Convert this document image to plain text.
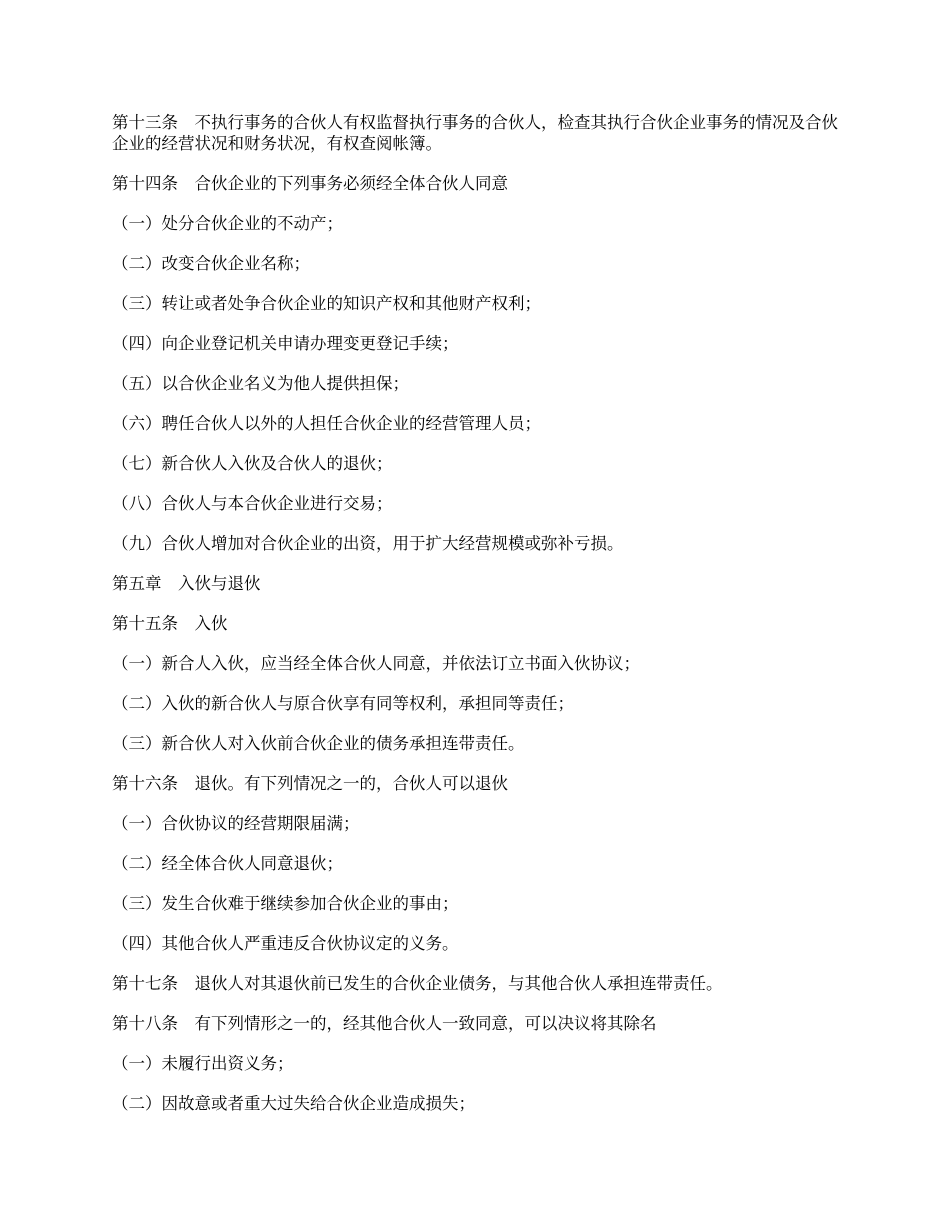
第十三条　不执行事务的合伙人有权监督执行事务的合伙人，检查其执行合伙企业事务的情况及合伙企业的经营状况和财务状况，有权查阅帐簿。

第十四条　合伙企业的下列事务必须经全体合伙人同意

（一）处分合伙企业的不动产；

（二）改变合伙企业名称；

（三）转让或者处争合伙企业的知识产权和其他财产权利；

（四）向企业登记机关申请办理变更登记手续；

（五）以合伙企业名义为他人提供担保；

（六）聘任合伙人以外的人担任合伙企业的经营管理人员；

（七）新合伙人入伙及合伙人的退伙；

（八）合伙人与本合伙企业进行交易；

（九）合伙人增加对合伙企业的出资，用于扩大经营规模或弥补亏损。

第五章　入伙与退伙

第十五条　入伙

（一）新合人入伙，应当经全体合伙人同意，并依法订立书面入伙协议；

（二）入伙的新合伙人与原合伙享有同等权利，承担同等责任；

（三）新合伙人对入伙前合伙企业的债务承担连带责任。

第十六条　退伙。有下列情况之一的，合伙人可以退伙

（一）合伙协议的经营期限届满；

（二）经全体合伙人同意退伙；

（三）发生合伙难于继续参加合伙企业的事由；

（四）其他合伙人严重违反合伙协议定的义务。

第十七条　退伙人对其退伙前已发生的合伙企业债务，与其他合伙人承担连带责任。

第十八条　有下列情形之一的，经其他合伙人一致同意，可以决议将其除名

（一）未履行出资义务；

（二）因故意或者重大过失给合伙企业造成损失；
